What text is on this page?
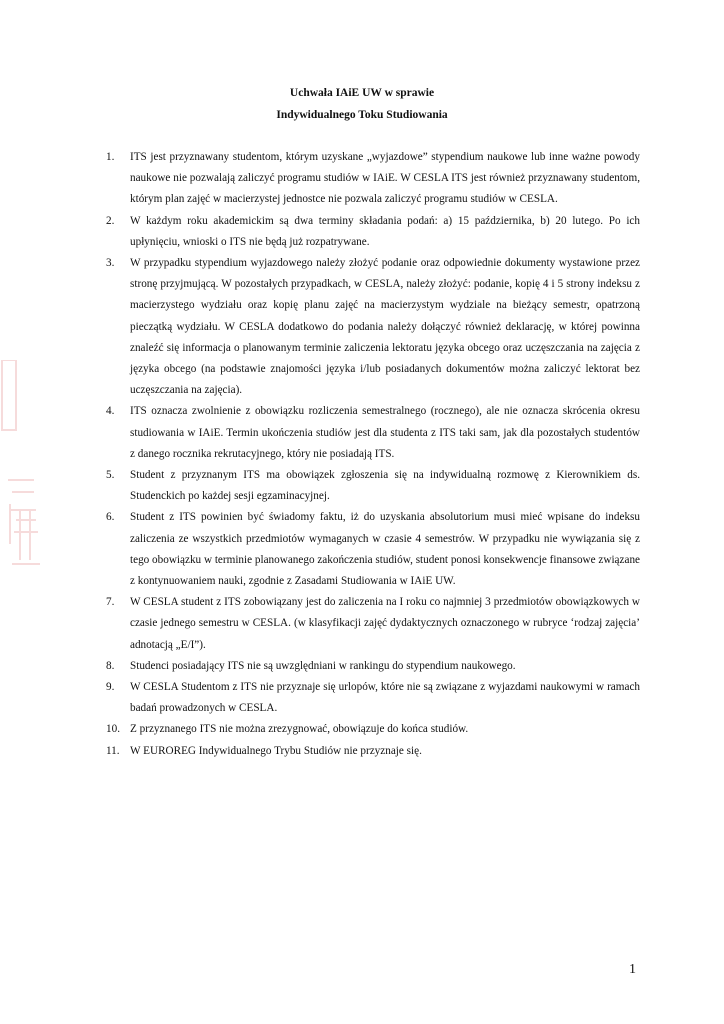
Uchwała IAiE UW w sprawie
Indywidualnego Toku Studiowania
1.	ITS jest przyznawany studentom, którym uzyskane „wyjazdowe” stypendium naukowe lub inne ważne powody naukowe nie pozwalają zaliczyć programu studiów w IAiE. W CESLA ITS jest również przyznawany studentom, którym plan zajęć w macierzystej jednostce nie pozwala zaliczyć programu studiów w CESLA.
2.	W każdym roku akademickim są dwa terminy składania podań: a) 15 października, b) 20 lutego. Po ich upłynięciu, wnioski o ITS nie będą już rozpatrywane.
3.	W przypadku stypendium wyjazdowego należy złożyć podanie oraz odpowiednie dokumenty wystawione przez stronę przyjmującą. W pozostałych przypadkach, w CESLA, należy złożyć: podanie, kopię 4 i 5 strony indeksu z macierzystego wydziału oraz kopię planu zajęć na macierzystym wydziale na bieżący semestr, opatrzoną pieczątką wydziału. W CESLA dodatkowo do podania należy dołączyć również deklarację, w której powinna znaleźć się informacja o planowanym terminie zaliczenia lektoratu języka obcego oraz uczęszczania na zajęcia z języka obcego (na podstawie znajomości języka i/lub posiadanych dokumentów można zaliczyć lektorat bez uczęszczania na zajęcia).
4.	ITS oznacza zwolnienie z obowiązku rozliczenia semestralnego (rocznego), ale nie oznacza skrócenia okresu studiowania w IAiE. Termin ukończenia studiów jest dla studenta z ITS taki sam, jak dla pozostałych studentów z danego rocznika rekrutacyjnego, który nie posiadają ITS.
5.	Student z przyznanym ITS ma obowiązek zgłoszenia się na indywidualną rozmowę z Kierownikiem ds. Studenckich po każdej sesji egzaminacyjnej.
6.	Student z ITS powinien być świadomy faktu, iż do uzyskania absolutorium musi mieć wpisane do indeksu zaliczenia ze wszystkich przedmiotów wymaganych w czasie 4 semestrów. W przypadku nie wywiązania się z tego obowiązku w terminie planowanego zakończenia studiów, student ponosi konsekwencje finansowe związane z kontynuowaniem nauki, zgodnie z Zasadami Studiowania w IAiE UW.
7.	W CESLA student z ITS zobowiązany jest do zaliczenia na I roku co najmniej 3 przedmiotów obowiązkowych w czasie jednego semestru w CESLA. (w klasyfikacji zajęć dydaktycznych oznaczonego w rubryce ‘rodzaj zajęcia’ adnotacją „E/I”).
8.	Studenci posiadający ITS nie są uwzględniani w rankingu do stypendium naukowego.
9.	W CESLA Studentom z ITS nie przyznaje się urlopów, które nie są związane z wyjazdami naukowymi w ramach badań prowadzonych w CESLA.
10. Z przyznanego ITS nie można zrezygnować, obowiązuje do końca studiów.
11. W EUROREG Indywidualnego Trybu Studiów nie przyznaje się.
1
